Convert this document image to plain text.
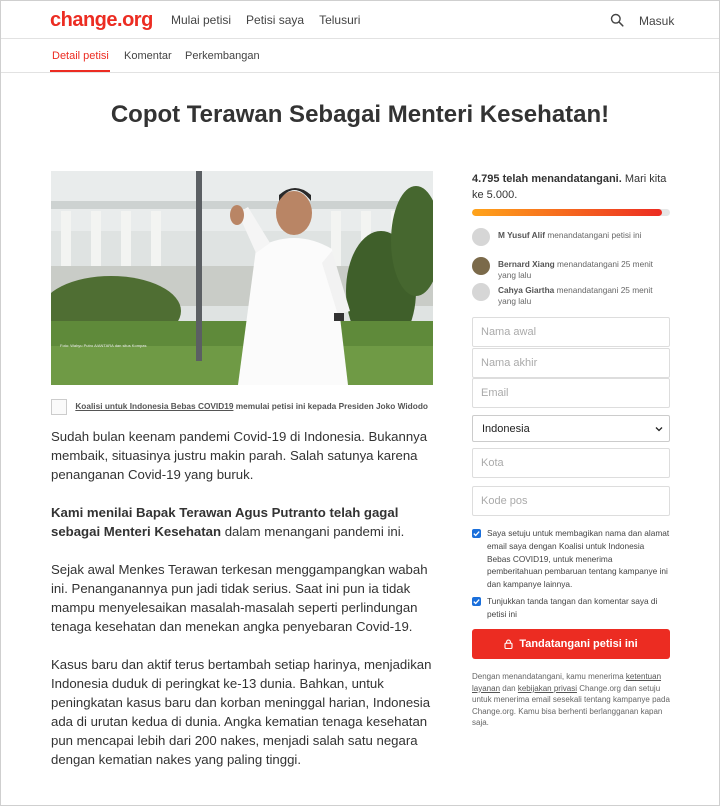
change.org Mulai petisi Petisi saya Telusuri	Masuk
Detail petisi Komentar Perkembangan
Copot Terawan Sebagai Menteri Kesehatan!
Foto: Wahyu Putro A/ANTARA dan situs Kompas
Koalisi untuk Indonesia Bebas COVID19 memulai petisi ini kepada Presiden Joko Widodo

Sudah bulan keenam pandemi Covid-19 di Indonesia. Bukannya membaik, situasinya justru makin parah. Salah satunya karena penanganan Covid-19 yang buruk.

Kami menilai Bapak Terawan Agus Putranto telah gagal sebagai Menteri Kesehatan dalam menangani pandemi ini.

Sejak awal Menkes Terawan terkesan menggampangkan wabah ini. Penanganannya pun jadi tidak serius. Saat ini pun ia tidak mampu menyelesaikan masalah-masalah seperti perlindungan tenaga kesehatan dan menekan angka penyebaran Covid-19.

Kasus baru dan aktif terus bertambah setiap harinya, menjadikan Indonesia duduk di peringkat ke-13 dunia. Bahkan, untuk peningkatan kasus baru dan korban meninggal harian, Indonesia ada di urutan kedua di dunia. Angka kematian tenaga kesehatan pun mencapai lebih dari 200 nakes, menjadi salah satu negara dengan kematian nakes yang paling tinggi.

4.795 telah menandatangani. Mari kita ke 5.000.
M Yusuf Alif menandatangani petisi ini
Bernard Xiang menandatangani 25 menit yang lalu
Cahya Giartha menandatangani 25 menit yang lalu
Nama awal
Nama akhir
Email
Indonesia
Kota
Kode pos
Saya setuju untuk membagikan nama dan alamat email saya dengan Koalisi untuk Indonesia Bebas COVID19, untuk menerima pemberitahuan pembaruan tentang kampanye ini dan kampanye lainnya.
Tunjukkan tanda tangan dan komentar saya di petisi ini
Tandatangani petisi ini
Dengan menandatangani, kamu menerima ketentuan layanan dan kebijakan privasi Change.org dan setuju untuk menerima email sesekali tentang kampanye pada Change.org. Kamu bisa berhenti berlangganan kapan saja.
